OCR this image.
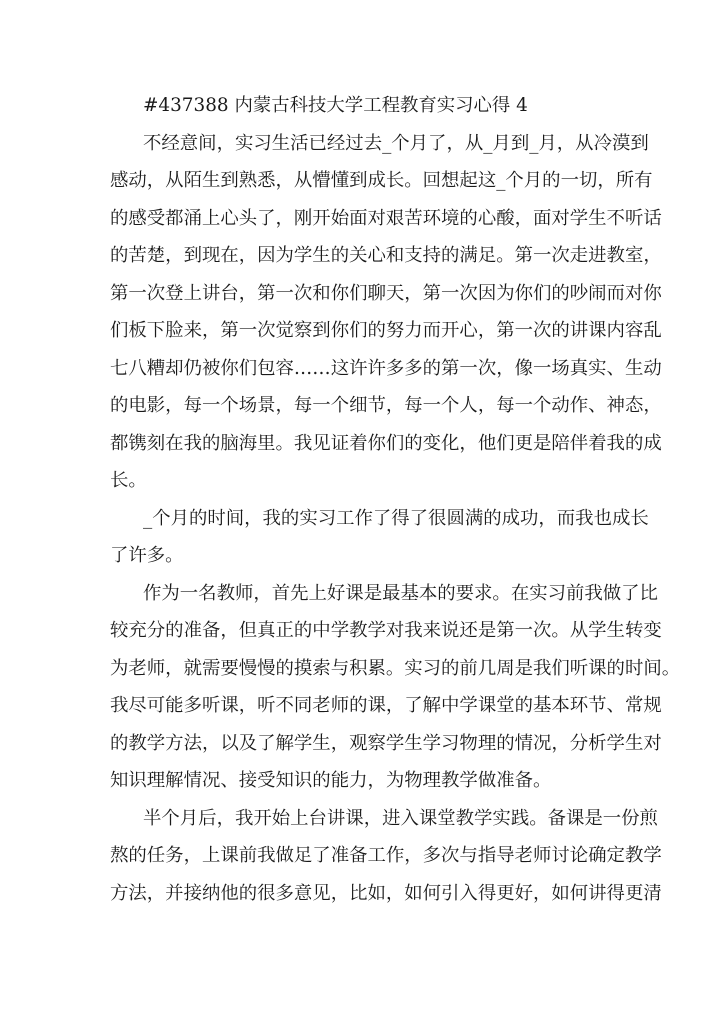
#437388 内蒙古科技大学工程教育实习心得 4
不经意间，实习生活已经过去_个月了，从_月到_月，从冷漠到
感动，从陌生到熟悉，从懵懂到成长。回想起这_个月的一切，所有
的感受都涌上心头了，刚开始面对艰苦环境的心酸，面对学生不听话
的苦楚，到现在，因为学生的关心和支持的满足。第一次走进教室，
第一次登上讲台，第一次和你们聊天，第一次因为你们的吵闹而对你
们板下脸来，第一次觉察到你们的努力而开心，第一次的讲课内容乱
七八糟却仍被你们包容……这许许多多的第一次，像一场真实、生动
的电影，每一个场景，每一个细节，每一个人，每一个动作、神态，
都镌刻在我的脑海里。我见证着你们的变化，他们更是陪伴着我的成
长。
_个月的时间，我的实习工作了得了很圆满的成功，而我也成长
了许多。
作为一名教师，首先上好课是最基本的要求。在实习前我做了比
较充分的准备，但真正的中学教学对我来说还是第一次。从学生转变
为老师，就需要慢慢的摸索与积累。实习的前几周是我们听课的时间。
我尽可能多听课，听不同老师的课，了解中学课堂的基本环节、常规
的教学方法，以及了解学生，观察学生学习物理的情况，分析学生对
知识理解情况、接受知识的能力，为物理教学做准备。
半个月后，我开始上台讲课，进入课堂教学实践。备课是一份煎
熬的任务，上课前我做足了准备工作，多次与指导老师讨论确定教学
方法，并接纳他的很多意见，比如，如何引入得更好，如何讲得更清
